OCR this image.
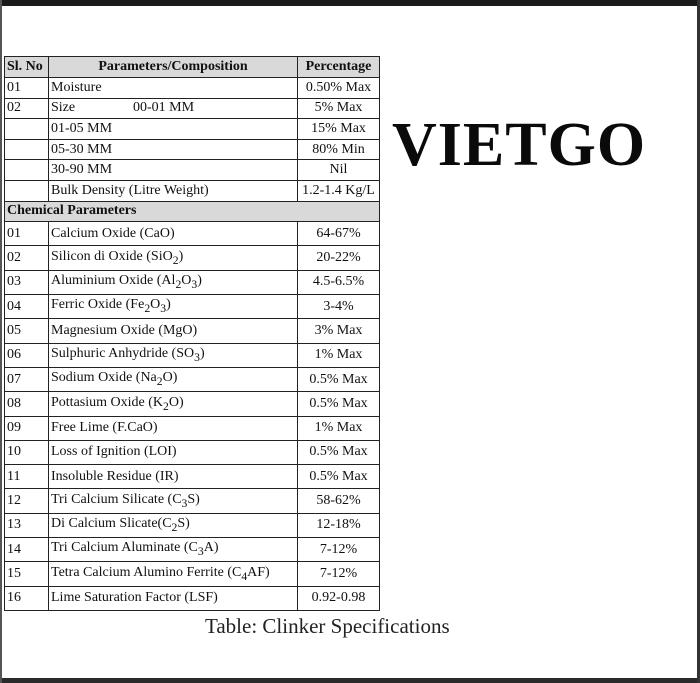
Sl. No	Parameters/Composition	Percentage
01	Moisture	0.50% Max
02	Size 00-01 MM	5% Max
	01-05 MM	15% Max
	05-30 MM	80% Min
	30-90 MM	Nil
	Bulk Density (Litre Weight)	1.2-1.4 Kg/L
Chemical Parameters		
01	Calcium Oxide (CaO)	64-67%
02	Silicon di Oxide (SiO$_2$)	20-22%
03	Aluminium Oxide $(Al_2O_3)$	4.5-6.5%
04	Ferric Oxide $(Fe_2O_3)$	3-4%
05	Magnesium Oxide (MgO)	3% Max
06	Sulphuric Anhydride $(SO_3)$	1% Max
07	Sodium Oxide $(Na_2O)$	0.5% Max
08	Pottasium Oxide $(K_2O)$	0.5% Max
09	Free Lime (F.CaO)	1% Max
10	Loss of Ignition (LOI)	0.5% Max
11	Insoluble Residue (IR)	0.5% Max
12	Tri Calcium Silicate $(C_3S)$	58-62%
13	Di Calcium $Slicate(C_2S)$	12-18%
14	Tri Calcium Aluminate $(C_3A)$	7-12%
15	Tetra Calcium Alumino Ferrite $(C_4AF)$	7-12%
16	Lime Saturation Factor (LSF)	0.92-0.98
VIETGO
Table: Clinker Specifications
